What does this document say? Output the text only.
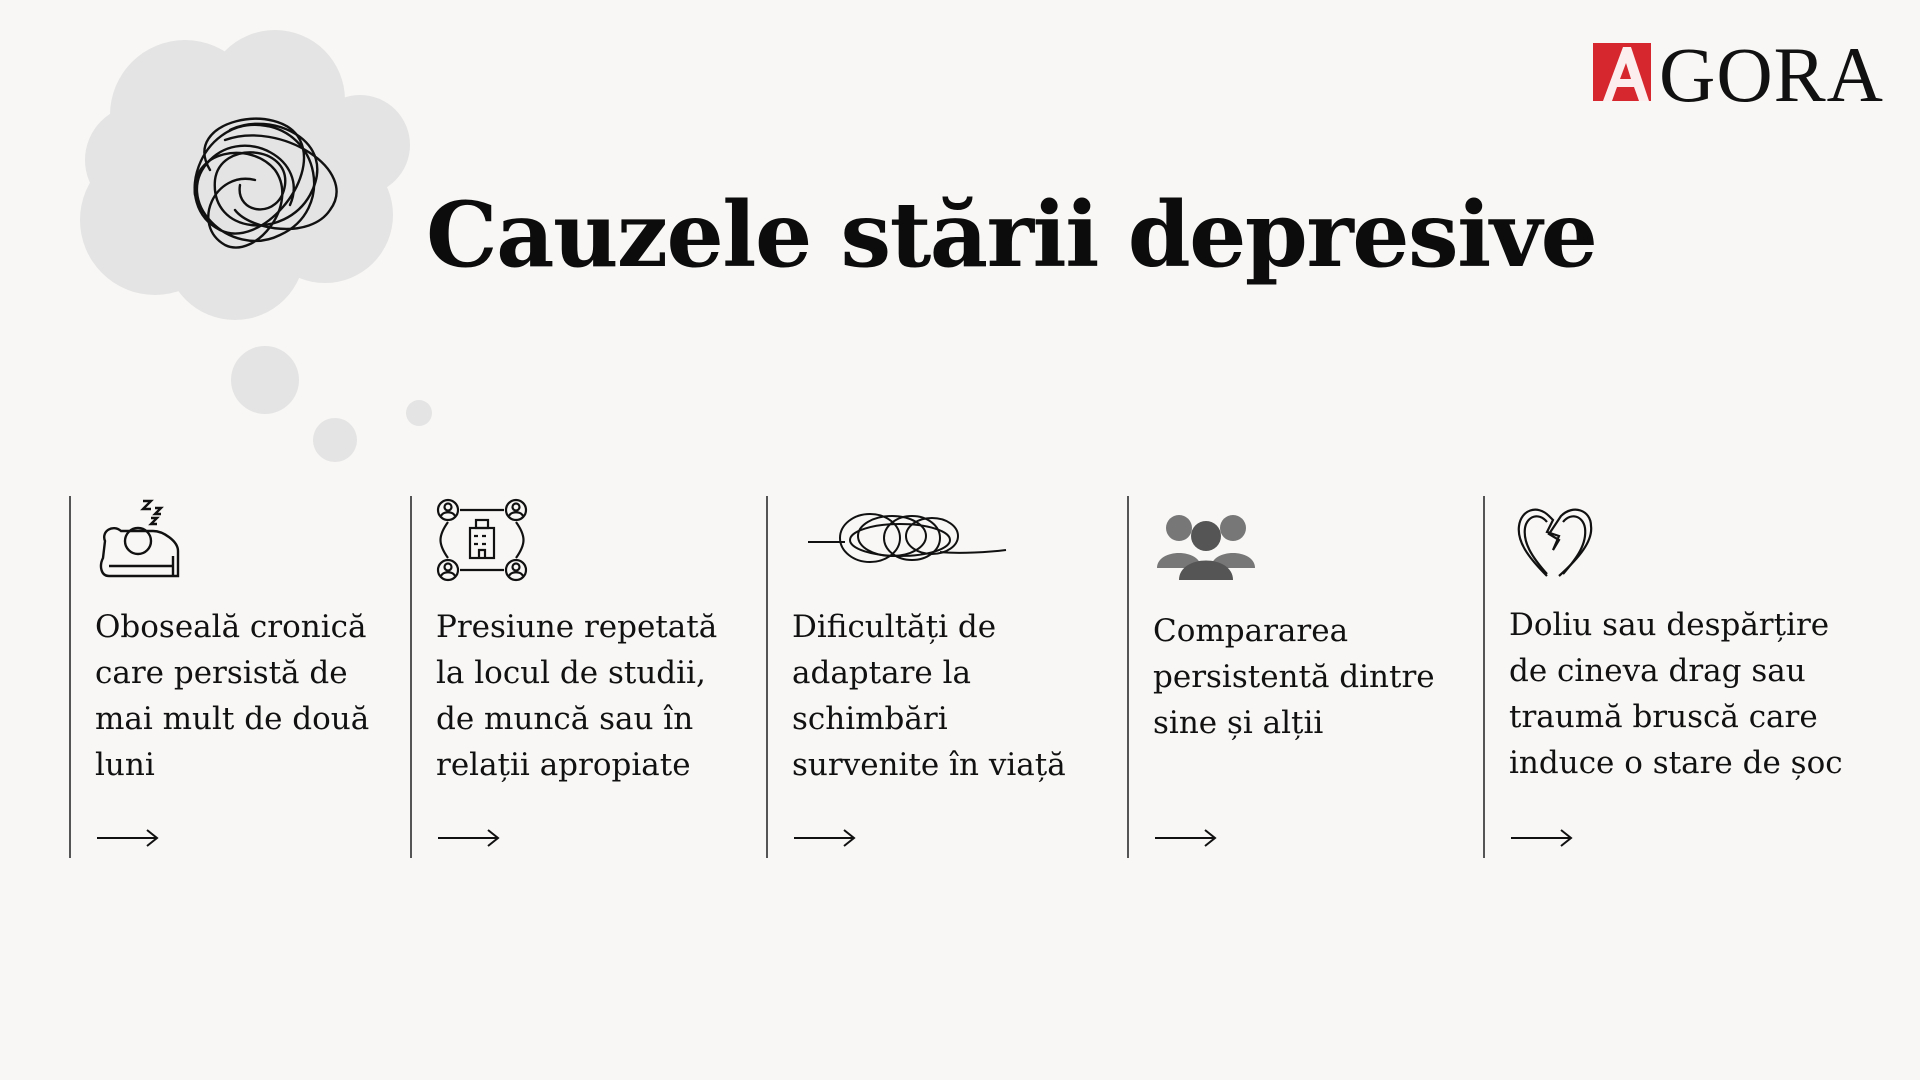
Cauzele stării depresive
GORA
Oboseală cronică care persistă de mai mult de două luni
Presiune repetată la locul de studii, de muncă sau în relații apropiate
Dificultăți de adaptare la schimbări survenite în viață
Compararea persistentă dintre sine și alții
Doliu sau despărțire de cineva drag sau traumă bruscă care induce o stare de șoc
